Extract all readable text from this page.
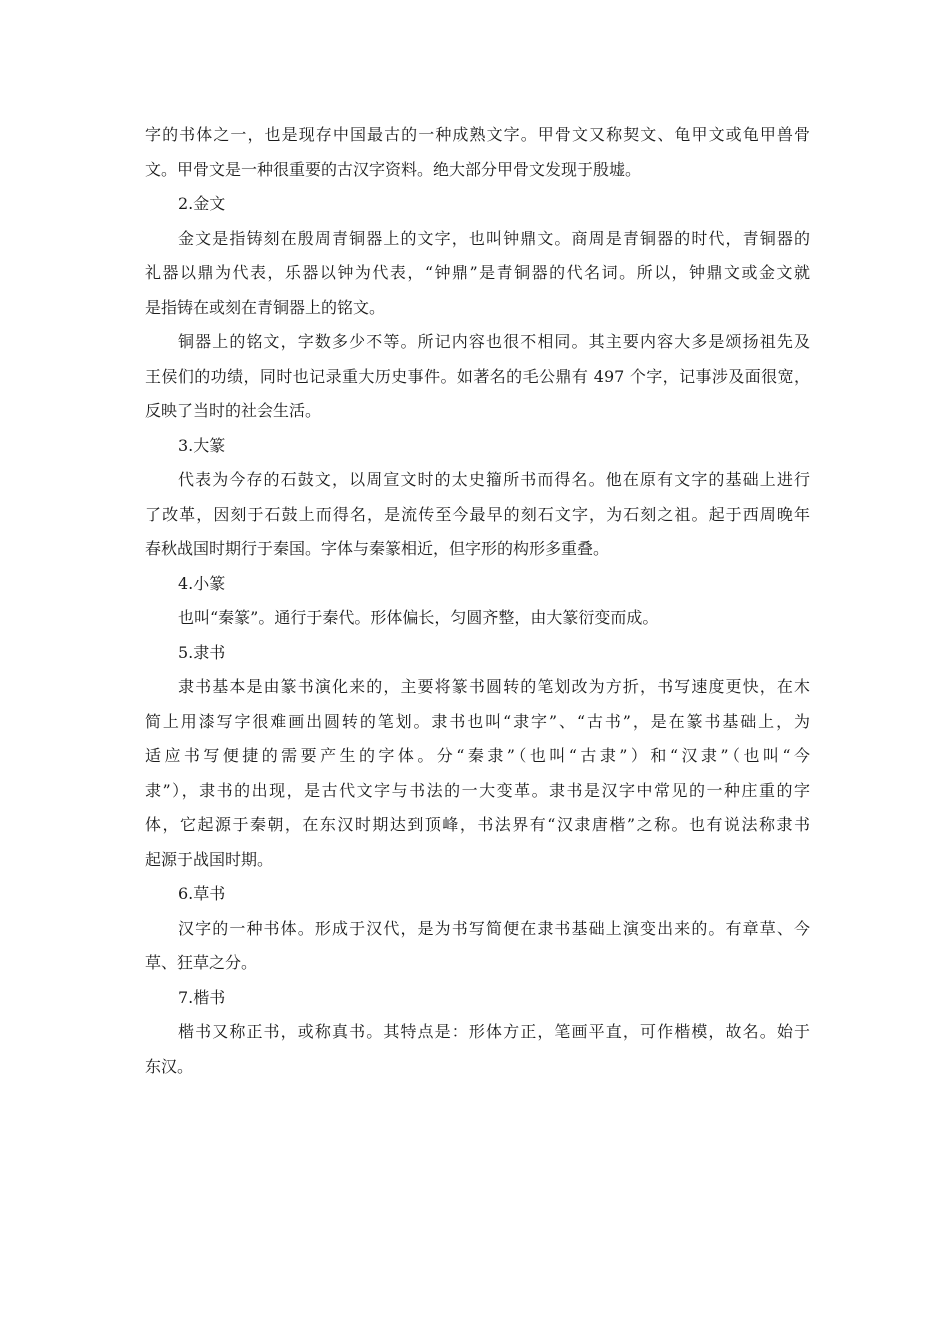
字的书体之一，也是现存中国最古的一种成熟文字。甲骨文又称契文、龟甲文或龟甲兽骨

文。甲骨文是一种很重要的古汉字资料。绝大部分甲骨文发现于殷墟。

2.金文

金文是指铸刻在殷周青铜器上的文字，也叫钟鼎文。商周是青铜器的时代，青铜器的

礼器以鼎为代表，乐器以钟为代表，“钟鼎”是青铜器的代名词。所以，钟鼎文或金文就

是指铸在或刻在青铜器上的铭文。

铜器上的铭文，字数多少不等。所记内容也很不相同。其主要内容大多是颂扬祖先及

王侯们的功绩，同时也记录重大历史事件。如著名的毛公鼎有 497 个字，记事涉及面很宽，

反映了当时的社会生活。

3.大篆

代表为今存的石鼓文，以周宣文时的太史籀所书而得名。他在原有文字的基础上进行

了改革，因刻于石鼓上而得名，是流传至今最早的刻石文字，为石刻之祖。起于西周晚年

春秋战国时期行于秦国。字体与秦篆相近，但字形的构形多重叠。

4.小篆

也叫“秦篆”。通行于秦代。形体偏长，匀圆齐整，由大篆衍变而成。

5.隶书

隶书基本是由篆书演化来的，主要将篆书圆转的笔划改为方折，书写速度更快，在木

简上用漆写字很难画出圆转的笔划。隶书也叫“隶字”、“古书”，是在篆书基础上，为

适应书写便捷的需要产生的字体。分“秦隶”（也叫“古隶”）和“汉隶”（也叫“今

隶”），隶书的出现，是古代文字与书法的一大变革。隶书是汉字中常见的一种庄重的字

体，它起源于秦朝，在东汉时期达到顶峰，书法界有“汉隶唐楷”之称。也有说法称隶书

起源于战国时期。

6.草书

汉字的一种书体。形成于汉代，是为书写简便在隶书基础上演变出来的。有章草、今

草、狂草之分。

7.楷书

楷书又称正书，或称真书。其特点是：形体方正，笔画平直，可作楷模，故名。始于

东汉。
